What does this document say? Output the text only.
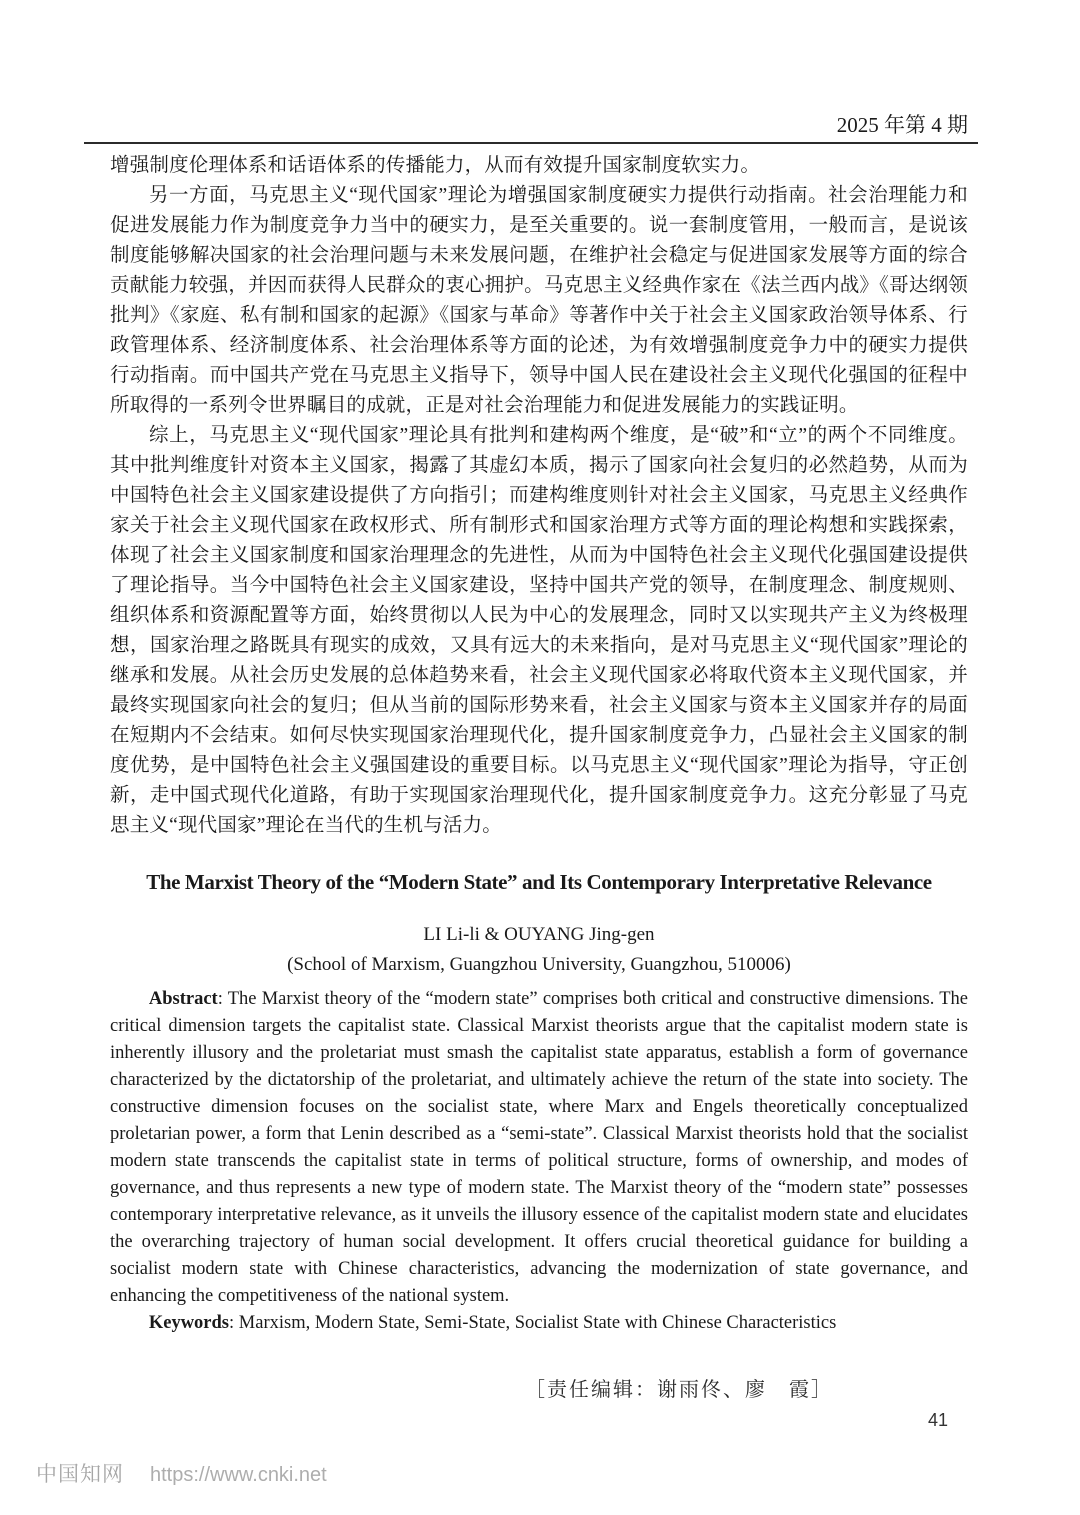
2025 年第 4 期

增强制度伦理体系和话语体系的传播能力，从而有效提升国家制度软实力。

另一方面，马克思主义“现代国家”理论为增强国家制度硬实力提供行动指南。社会治理能力和促进发展能力作为制度竞争力当中的硬实力，是至关重要的。说一套制度管用，一般而言，是说该制度能够解决国家的社会治理问题与未来发展问题，在维护社会稳定与促进国家发展等方面的综合贡献能力较强，并因而获得人民群众的衷心拥护。马克思主义经典作家在《法兰西内战》《哥达纲领批判》《家庭、私有制和国家的起源》《国家与革命》等著作中关于社会主义国家政治领导体系、行政管理体系、经济制度体系、社会治理体系等方面的论述，为有效增强制度竞争力中的硬实力提供行动指南。而中国共产党在马克思主义指导下，领导中国人民在建设社会主义现代化强国的征程中所取得的一系列令世界瞩目的成就，正是对社会治理能力和促进发展能力的实践证明。

综上，马克思主义“现代国家”理论具有批判和建构两个维度，是“破”和“立”的两个不同维度。其中批判维度针对资本主义国家，揭露了其虚幻本质，揭示了国家向社会复归的必然趋势，从而为中国特色社会主义国家建设提供了方向指引；而建构维度则针对社会主义国家，马克思主义经典作家关于社会主义现代国家在政权形式、所有制形式和国家治理方式等方面的理论构想和实践探索，体现了社会主义国家制度和国家治理理念的先进性，从而为中国特色社会主义现代化强国建设提供了理论指导。当今中国特色社会主义国家建设，坚持中国共产党的领导，在制度理念、制度规则、组织体系和资源配置等方面，始终贯彻以人民为中心的发展理念，同时又以实现共产主义为终极理想，国家治理之路既具有现实的成效，又具有远大的未来指向，是对马克思主义“现代国家”理论的继承和发展。从社会历史发展的总体趋势来看，社会主义现代国家必将取代资本主义现代国家，并最终实现国家向社会的复归；但从当前的国际形势来看，社会主义国家与资本主义国家并存的局面在短期内不会结束。如何尽快实现国家治理现代化，提升国家制度竞争力，凸显社会主义国家的制度优势，是中国特色社会主义强国建设的重要目标。以马克思主义“现代国家”理论为指导，守正创新，走中国式现代化道路，有助于实现国家治理现代化，提升国家制度竞争力。这充分彰显了马克思主义“现代国家”理论在当代的生机与活力。

The Marxist Theory of the “Modern State” and Its Contemporary Interpretative Relevance
LI Li-li & OUYANG Jing-gen
(School of Marxism, Guangzhou University, Guangzhou, 510006)

Abstract: The Marxist theory of the “modern state” comprises both critical and constructive dimensions. The critical dimension targets the capitalist state. Classical Marxist theorists argue that the capitalist modern state is inherently illusory and the proletariat must smash the capitalist state apparatus, establish a form of governance characterized by the dictatorship of the proletariat, and ultimately achieve the return of the state into society. The constructive dimension focuses on the socialist state, where Marx and Engels theoretically conceptualized proletarian power, a form that Lenin described as a “semi-state”. Classical Marxist theorists hold that the socialist modern state transcends the capitalist state in terms of political structure, forms of ownership, and modes of governance, and thus represents a new type of modern state. The Marxist theory of the “modern state” possesses contemporary interpretative relevance, as it unveils the illusory essence of the capitalist modern state and elucidates the overarching trajectory of human social development. It offers crucial theoretical guidance for building a socialist modern state with Chinese characteristics, advancing the modernization of state governance, and enhancing the competitiveness of the national system.

Keywords: Marxism, Modern State, Semi-State, Socialist State with Chinese Characteristics

［责任编辑：谢雨佟、廖　霞］
41
中国知网 https://www.cnki.net
